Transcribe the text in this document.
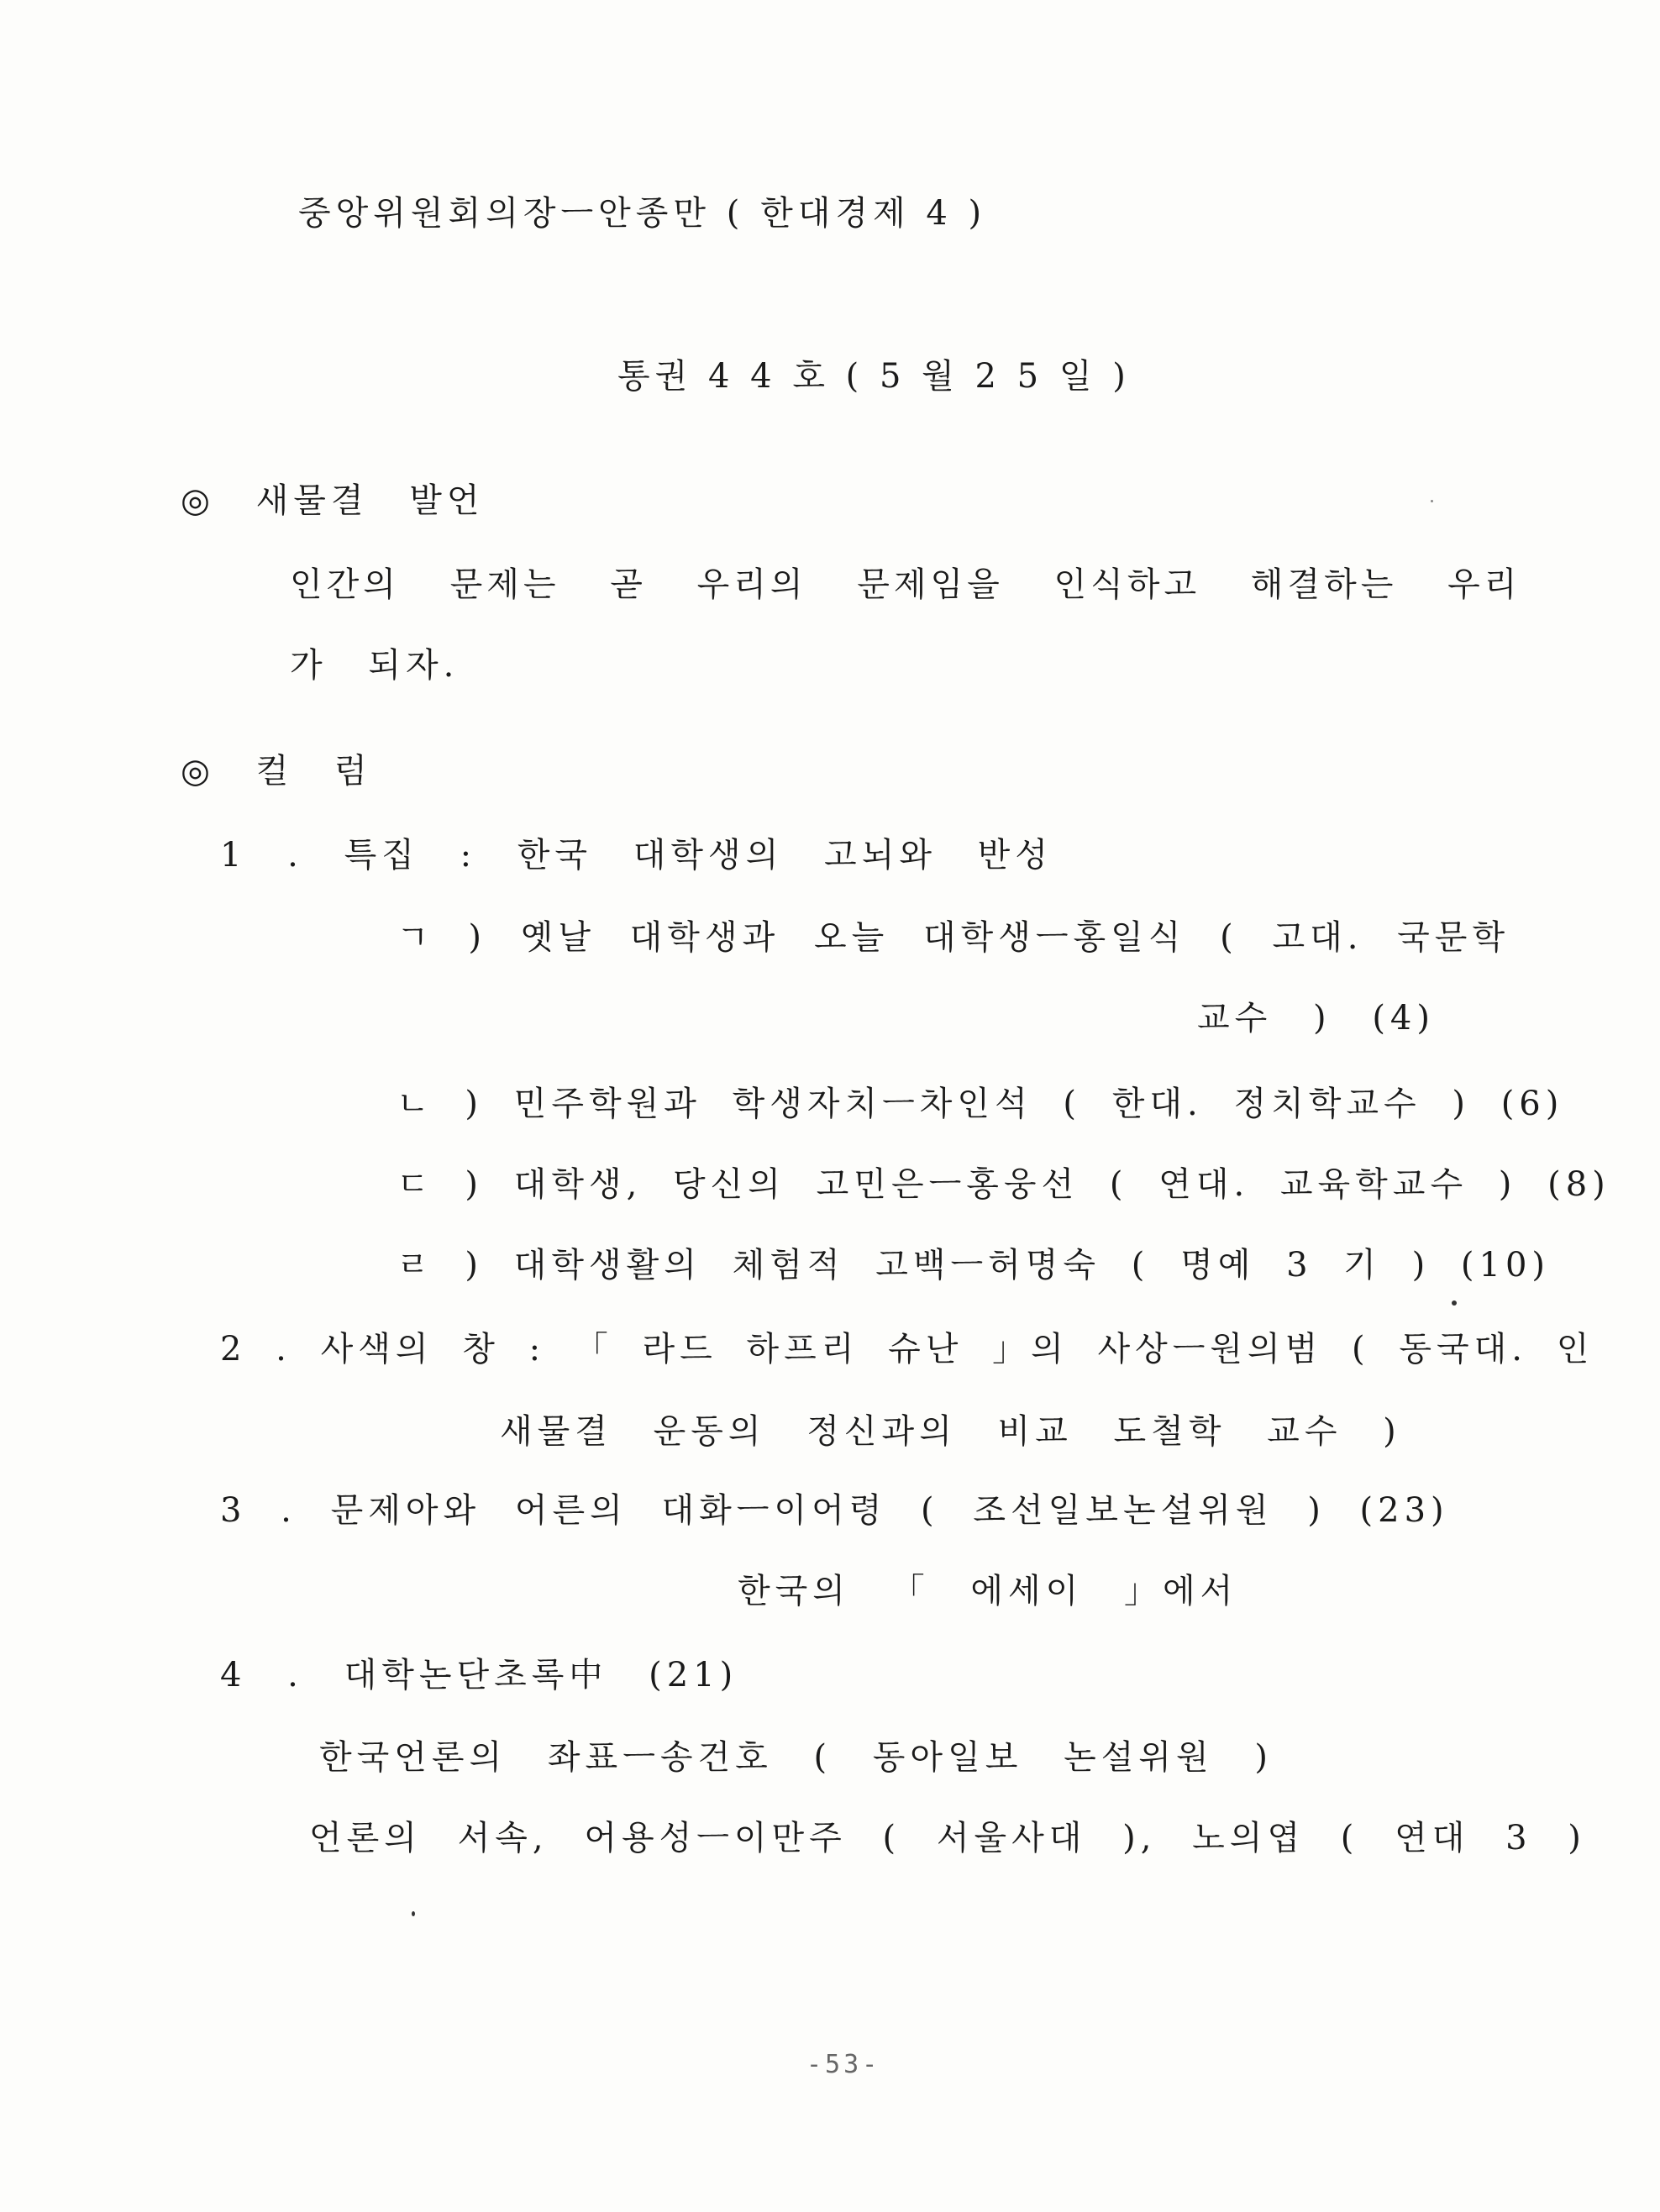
중앙위원회의장ㅡ안종만 ( 한대경제 4 )
통권 4 4 호 ( 5 월 2 5 일 )
◎ 새물결 발언
인간의 문제는 곧 우리의 문제임을 인식하고 해결하는 우리
가 되자.
◎ 컬 럼
1 . 특집 : 한국 대학생의 고뇌와 반성
ㄱ ) 옛날 대학생과 오늘 대학생ㅡ홍일식 ( 고대. 국문학
교수 ) (4)
ㄴ ) 민주학원과 학생자치ㅡ차인석 ( 한대. 정치학교수 ) (6)
ㄷ ) 대학생, 당신의 고민은ㅡ홍웅선 ( 연대. 교육학교수 ) (8)
ㄹ ) 대학생활의 체험적 고백ㅡ허명숙 ( 명예 3 기 ) (10)
2 . 사색의 창 : 「 라드 하프리 슈난 」의 사상ㅡ원의범 ( 동국대. 인
새물결 운동의 정신과의 비교 도철학 교수 )
3 . 문제아와 어른의 대화ㅡ이어령 ( 조선일보논설위원 ) (23)
한국의 「 에세이 」에서
4 . 대학논단초록中 (21)
한국언론의 좌표ㅡ송건호 ( 동아일보 논설위원 )
언론의 서속, 어용성ㅡ이만주 ( 서울사대 ), 노의엽 ( 연대 3 )
-53-
